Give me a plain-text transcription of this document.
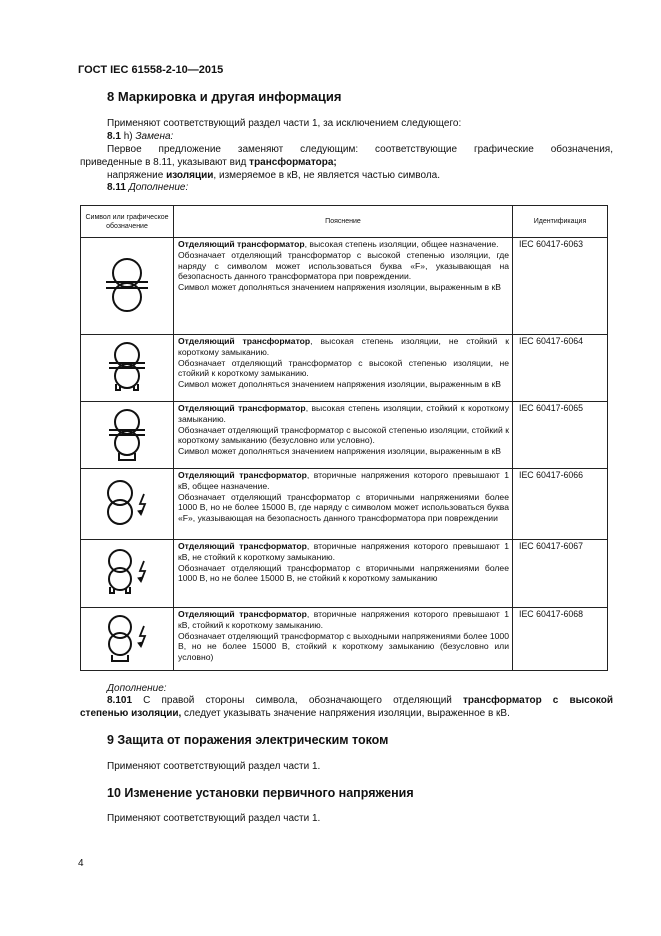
ГОСТ IEC 61558-2-10—2015
8 Маркировка и другая информация
Применяют соответствующий раздел части 1, за исключением следующего:
8.1 h) Замена:
Первое предложение заменяют следующим: соответствующие графические обозначения,
приведенные в 8.11, указывают вид трансформатора;
напряжение изоляции, измеряемое в кВ, не является частью символа.
8.11 Дополнение:
Символ или графическое обозначение	Пояснение	Идентификация

	Отделяющий трансформатор, высокая степень изоляции, общее назначение.
Обозначает отделяющий трансформатор с высокой степенью изоляции, где наряду с символом может использоваться буква «F», указывающая на безопасность данного трансформатора при повреждении.
Символ может дополняться значением напряжения изоляции, выраженным в кВ	IEC 60417-6063

	Отделяющий трансформатор, высокая степень изоляции, не стойкий к короткому замыканию.
Обозначает отделяющий трансформатор с высокой степенью изоляции, не стойкий к короткому замыканию.
Символ может дополняться значением напряжения изоляции, выраженным в кВ	IEC 60417-6064

	Отделяющий трансформатор, высокая степень изоляции, стойкий к короткому замыканию.
Обозначает отделяющий трансформатор с высокой степенью изоляции, стойкий к короткому замыканию (безусловно или условно).
Символ может дополняться значением напряжения изоляции, выраженным в кВ	IEC 60417-6065

	Отделяющий трансформатор, вторичные напряжения которого превышают 1 кВ, общее назначение.
Обозначает отделяющий трансформатор с вторичными напряжениями более 1000 В, но не более 15000 В, где наряду с символом может использоваться буква «F», указывающая на безопасность данного трансформатора при повреждении	IEC 60417-6066

	Отделяющий трансформатор, вторичные напряжения которого превышают 1 кВ, не стойкий к короткому замыканию.
Обозначает отделяющий трансформатор с вторичными напряжениями более 1000 В, но не более 15000 В, не стойкий к короткому замыканию	IEC 60417-6067

	Отделяющий трансформатор, вторичные напряжения которого превышают 1 кВ, стойкий к короткому замыканию.
Обозначает отделяющий трансформатор с выходными напряжениями более 1000 В, но не более 15000 В, стойкий к короткому замыканию (безусловно или условно)	IEC 60417-6068
Дополнение:
8.101 С правой стороны символа, обозначающего отделяющий трансформатор с высокой
степенью изоляции, следует указывать значение напряжения изоляции, выраженное в кВ.
9 Защита от поражения электрическим током
Применяют соответствующий раздел части 1.
10 Изменение установки первичного напряжения
Применяют соответствующий раздел части 1.
4
